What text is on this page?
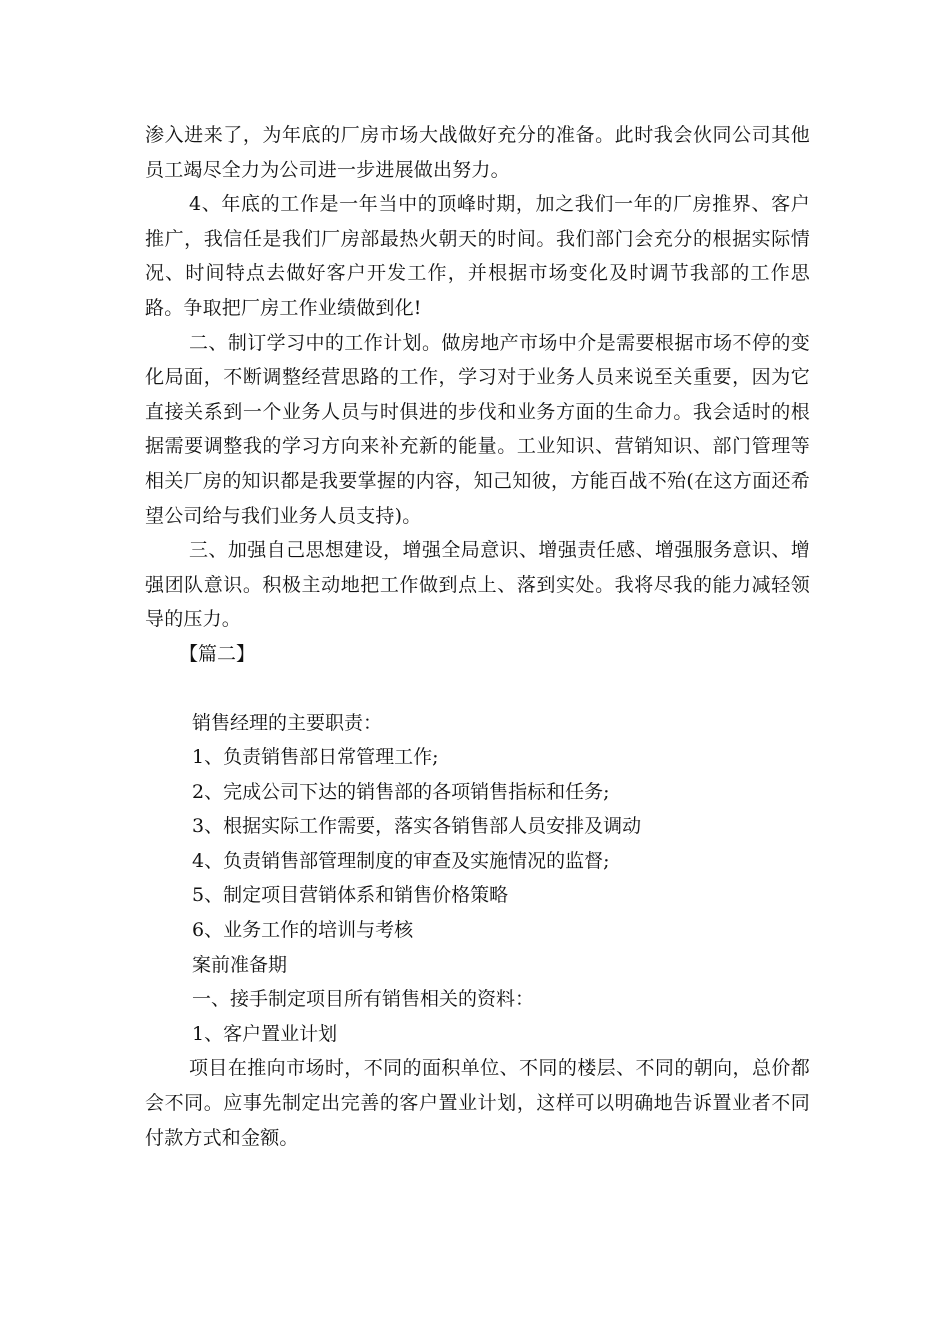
渗入进来了，为年底的厂房市场大战做好充分的准备。此时我会伙同公司其他员工竭尽全力为公司进一步进展做出努力。

4、年底的工作是一年当中的顶峰时期，加之我们一年的厂房推界、客户推广，我信任是我们厂房部最热火朝天的时间。我们部门会充分的根据实际情况、时间特点去做好客户开发工作，并根据市场变化及时调节我部的工作思路。争取把厂房工作业绩做到化!

二、制订学习中的工作计划。做房地产市场中介是需要根据市场不停的变化局面，不断调整经营思路的工作，学习对于业务人员来说至关重要，因为它直接关系到一个业务人员与时俱进的步伐和业务方面的生命力。我会适时的根据需要调整我的学习方向来补充新的能量。工业知识、营销知识、部门管理等相关厂房的知识都是我要掌握的内容，知己知彼，方能百战不殆(在这方面还希望公司给与我们业务人员支持)。

三、加强自己思想建设，增强全局意识、增强责任感、增强服务意识、增强团队意识。积极主动地把工作做到点上、落到实处。我将尽我的能力减轻领导的压力。

【篇二】

销售经理的主要职责：

1、负责销售部日常管理工作;

2、完成公司下达的销售部的各项销售指标和任务;

3、根据实际工作需要，落实各销售部人员安排及调动

4、负责销售部管理制度的审查及实施情况的监督;

5、制定项目营销体系和销售价格策略

6、业务工作的培训与考核

案前准备期

一、接手制定项目所有销售相关的资料：

1、客户置业计划

项目在推向市场时，不同的面积单位、不同的楼层、不同的朝向，总价都会不同。应事先制定出完善的客户置业计划，这样可以明确地告诉置业者不同付款方式和金额。
